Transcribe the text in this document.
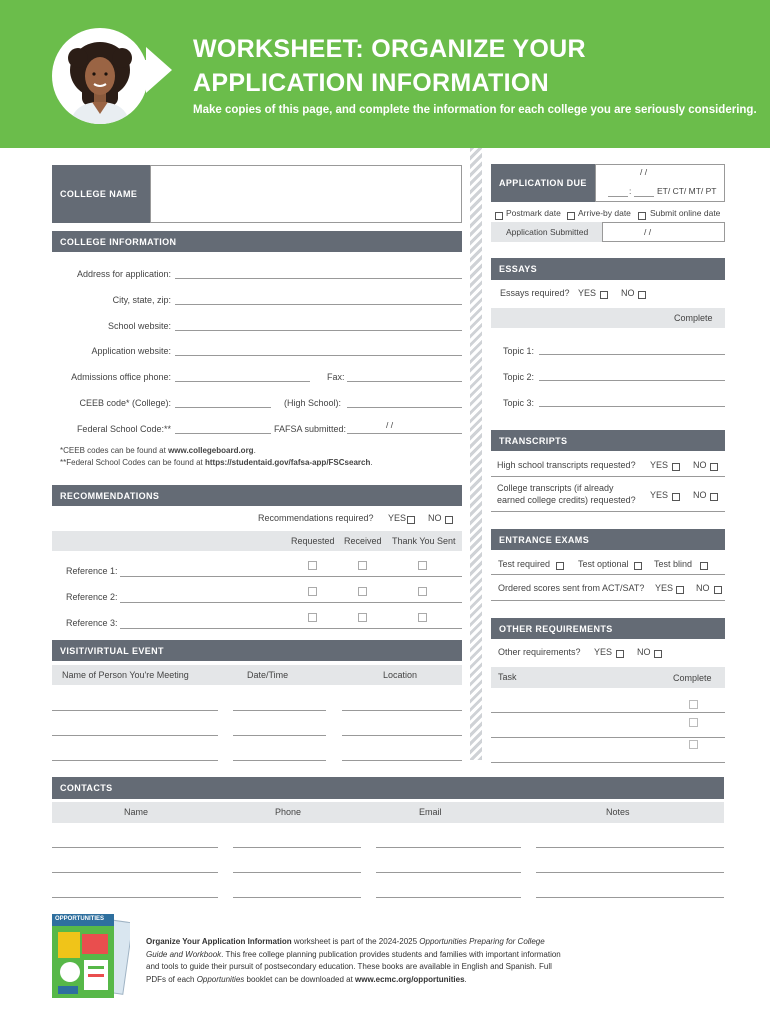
WORKSHEET: ORGANIZE YOUR
APPLICATION INFORMATION
Make copies of this page, and complete the information for each college you are seriously considering.
COLLEGE NAME
APPLICATION DUE
/ /
:	ET/ CT/ MT/ PT
Postmark date Arrive-by date Submit online date
Application Submitted	/ /
COLLEGE INFORMATION
Address for application:
City, state, zip:
School website:
Application website:
Admissions office phone:	Fax:
CEEB code* (College):	(High School):
Federal School Code:**	FAFSA submitted:	/ /
*CEEB codes can be found at www.collegeboard.org.
**Federal School Codes can be found at https://studentaid.gov/fafsa-app/FSCsearch.
RECOMMENDATIONS
Recommendations required? YES NO
Requested Received Thank You Sent
Reference 1:
Reference 2:
Reference 3:
VISIT/VIRTUAL EVENT
Name of Person You're Meeting	Date/Time	Location
ESSAYS
Essays required? YES	NO
Complete
Topic 1:
Topic 2:
Topic 3:
TRANSCRIPTS
High school transcripts requested? YES	NO
College transcripts (if already
earned college credits) requested? YES	NO
ENTRANCE EXAMS
Test required	Test optional	Test blind
Ordered scores sent from ACT/SAT? YES	NO
OTHER REQUIREMENTS
Other requirements? YES	NO
Task	Complete
CONTACTS
Name	Phone	Email	Notes
OPPORTUNITIES
Organize Your Application Information worksheet is part of the 2024-2025 Opportunities Preparing for College Guide and Workbook. This free college planning publication provides students and families with important information and tools to guide their pursuit of postsecondary education. These books are available in English and Spanish. Full PDFs of each Opportunities booklet can be downloaded at www.ecmc.org/opportunities.
